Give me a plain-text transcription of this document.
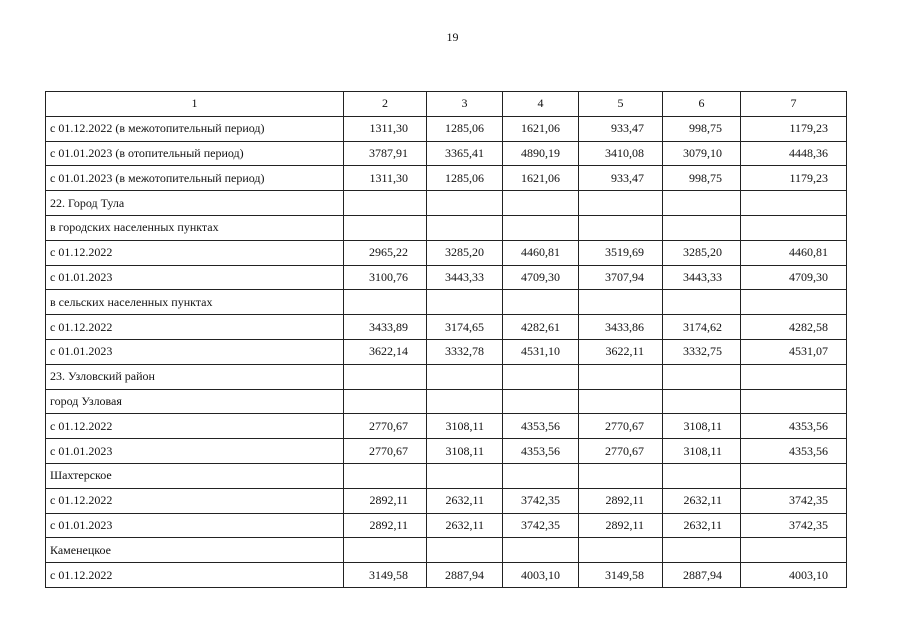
19
1	2	3	4	5	6	7
с 01.12.2022 (в межотопительный период)	1311,30	1285,06	1621,06	933,47	998,75	1179,23
с 01.01.2023 (в отопительный период)	3787,91	3365,41	4890,19	3410,08	3079,10	4448,36
с 01.01.2023 (в межотопительный период)	1311,30	1285,06	1621,06	933,47	998,75	1179,23
22. Город Тула						
в городских населенных пунктах						
с 01.12.2022	2965,22	3285,20	4460,81	3519,69	3285,20	4460,81
с 01.01.2023	3100,76	3443,33	4709,30	3707,94	3443,33	4709,30
в сельских населенных пунктах						
с 01.12.2022	3433,89	3174,65	4282,61	3433,86	3174,62	4282,58
с 01.01.2023	3622,14	3332,78	4531,10	3622,11	3332,75	4531,07
23. Узловский район						
город Узловая						
с 01.12.2022	2770,67	3108,11	4353,56	2770,67	3108,11	4353,56
с 01.01.2023	2770,67	3108,11	4353,56	2770,67	3108,11	4353,56
Шахтерское						
с 01.12.2022	2892,11	2632,11	3742,35	2892,11	2632,11	3742,35
с 01.01.2023	2892,11	2632,11	3742,35	2892,11	2632,11	3742,35
Каменецкое						
с 01.12.2022	3149,58	2887,94	4003,10	3149,58	2887,94	4003,10
